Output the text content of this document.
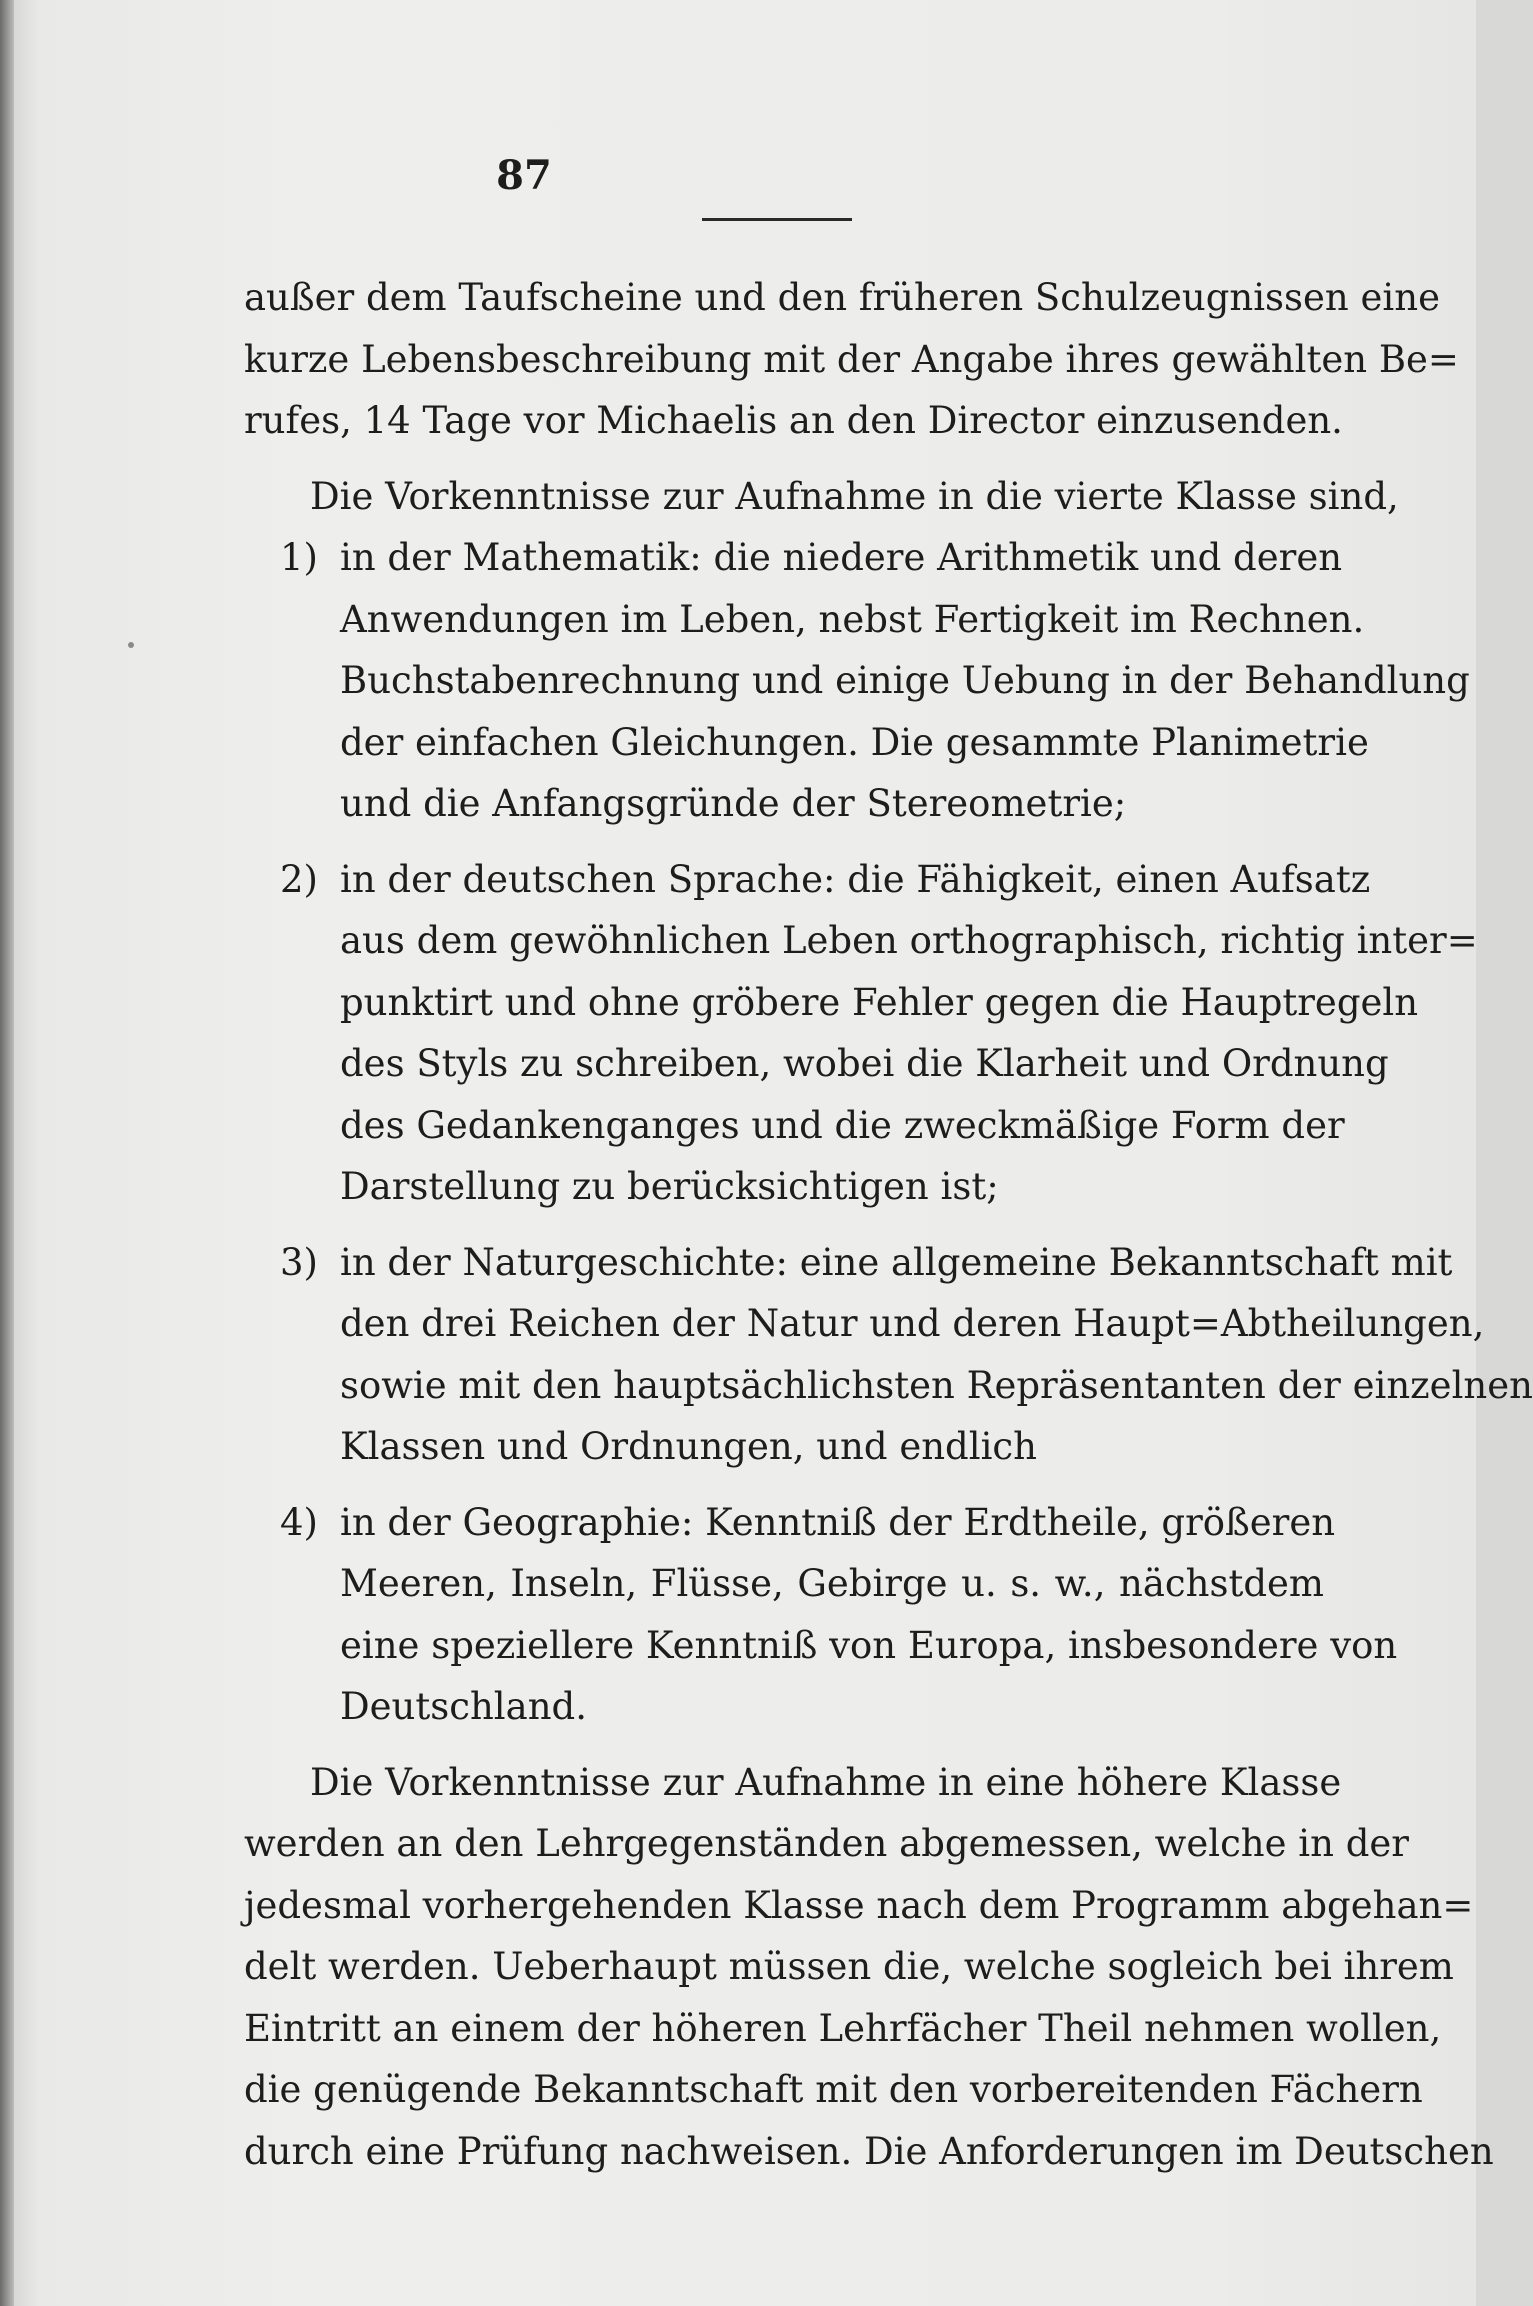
87
außer dem Taufscheine und den früheren Schulzeugnissen eine
kurze Lebensbeschreibung mit der Angabe ihres gewählten Be=
rufes, 14 Tage vor Michaelis an den Director einzusenden.
Die Vorkenntnisse zur Aufnahme in die vierte Klasse sind,
1) in der Mathematik: die niedere Arithmetik und deren
Anwendungen im Leben, nebst Fertigkeit im Rechnen.
Buchstabenrechnung und einige Uebung in der Behandlung
der einfachen Gleichungen. Die gesammte Planimetrie
und die Anfangsgründe der Stereometrie;
2) in der deutschen Sprache: die Fähigkeit, einen Aufsatz
aus dem gewöhnlichen Leben orthographisch, richtig inter=
punktirt und ohne gröbere Fehler gegen die Hauptregeln
des Styls zu schreiben, wobei die Klarheit und Ordnung
des Gedankenganges und die zweckmäßige Form der
Darstellung zu berücksichtigen ist;
3) in der Naturgeschichte: eine allgemeine Bekanntschaft mit
den drei Reichen der Natur und deren Haupt=Abtheilungen,
sowie mit den hauptsächlichsten Repräsentanten der einzelnen
Klassen und Ordnungen, und endlich
4) in der Geographie: Kenntniß der Erdtheile, größeren
Meeren, Inseln, Flüsse, Gebirge u. s. w., nächstdem
eine speziellere Kenntniß von Europa, insbesondere von
Deutschland.
Die Vorkenntnisse zur Aufnahme in eine höhere Klasse
werden an den Lehrgegenständen abgemessen, welche in der
jedesmal vorhergehenden Klasse nach dem Programm abgehan=
delt werden. Ueberhaupt müssen die, welche sogleich bei ihrem
Eintritt an einem der höheren Lehrfächer Theil nehmen wollen,
die genügende Bekanntschaft mit den vorbereitenden Fächern
durch eine Prüfung nachweisen. Die Anforderungen im Deutschen
